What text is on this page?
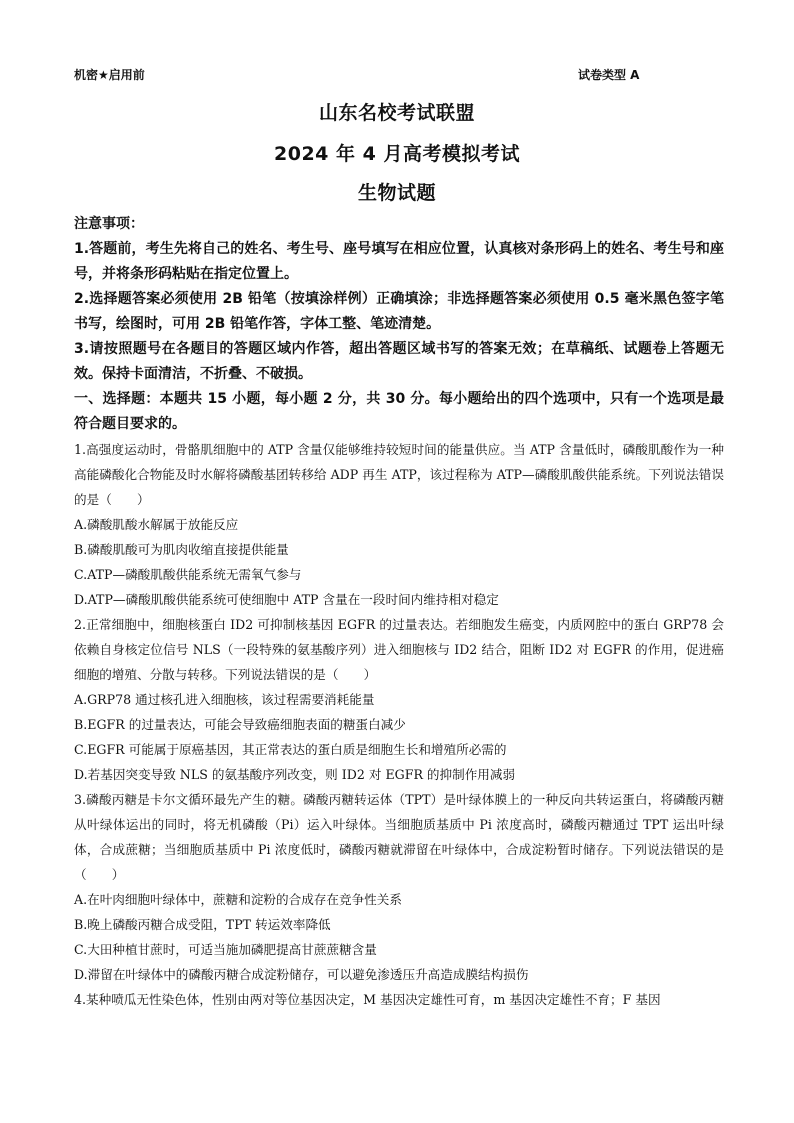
机密★启用前	试卷类型 A
山东名校考试联盟
2024 年 4 月高考模拟考试
生物试题

注意事项：

1.答题前，考生先将自己的姓名、考生号、座号填写在相应位置，认真核对条形码上的姓名、考生号和座号，并将条形码粘贴在指定位置上。

2.选择题答案必须使用 2B 铅笔（按填涂样例）正确填涂；非选择题答案必须使用 0.5 毫米黑色签字笔书写，绘图时，可用 2B 铅笔作答，字体工整、笔迹清楚。

3.请按照题号在各题目的答题区域内作答，超出答题区域书写的答案无效；在草稿纸、试题卷上答题无效。保持卡面清洁，不折叠、不破损。

一、选择题：本题共 15 小题，每小题 2 分，共 30 分。每小题给出的四个选项中，只有一个选项是最符合题目要求的。

1.高强度运动时，骨骼肌细胞中的 ATP 含量仅能够维持较短时间的能量供应。当 ATP 含量低时，磷酸肌酸作为一种高能磷酸化合物能及时水解将磷酸基团转移给 ADP 再生 ATP，该过程称为 ATP—磷酸肌酸供能系统。下列说法错误的是（　　）

A.磷酸肌酸水解属于放能反应

B.磷酸肌酸可为肌肉收缩直接提供能量

C.ATP—磷酸肌酸供能系统无需氧气参与

D.ATP—磷酸肌酸供能系统可使细胞中 ATP 含量在一段时间内维持相对稳定

2.正常细胞中，细胞核蛋白 ID2 可抑制核基因 EGFR 的过量表达。若细胞发生癌变，内质网腔中的蛋白 GRP78 会依赖自身核定位信号 NLS（一段特殊的氨基酸序列）进入细胞核与 ID2 结合，阻断 ID2 对 EGFR 的作用，促进癌细胞的增殖、分散与转移。下列说法错误的是（　　）

A.GRP78 通过核孔进入细胞核，该过程需要消耗能量

B.EGFR 的过量表达，可能会导致癌细胞表面的糖蛋白减少

C.EGFR 可能属于原癌基因，其正常表达的蛋白质是细胞生长和增殖所必需的

D.若基因突变导致 NLS 的氨基酸序列改变，则 ID2 对 EGFR 的抑制作用减弱

3.磷酸丙糖是卡尔文循环最先产生的糖。磷酸丙糖转运体（TPT）是叶绿体膜上的一种反向共转运蛋白，将磷酸丙糖从叶绿体运出的同时，将无机磷酸（Pi）运入叶绿体。当细胞质基质中 Pi 浓度高时，磷酸丙糖通过 TPT 运出叶绿体，合成蔗糖；当细胞质基质中 Pi 浓度低时，磷酸丙糖就滞留在叶绿体中，合成淀粉暂时储存。下列说法错误的是（　　）

A.在叶肉细胞叶绿体中，蔗糖和淀粉的合成存在竞争性关系

B.晚上磷酸丙糖合成受阻，TPT 转运效率降低

C.大田种植甘蔗时，可适当施加磷肥提高甘蔗蔗糖含量

D.滞留在叶绿体中的磷酸丙糖合成淀粉储存，可以避免渗透压升高造成膜结构损伤

4.某种喷瓜无性染色体，性别由两对等位基因决定，M 基因决定雄性可育，m 基因决定雄性不育；F 基因
